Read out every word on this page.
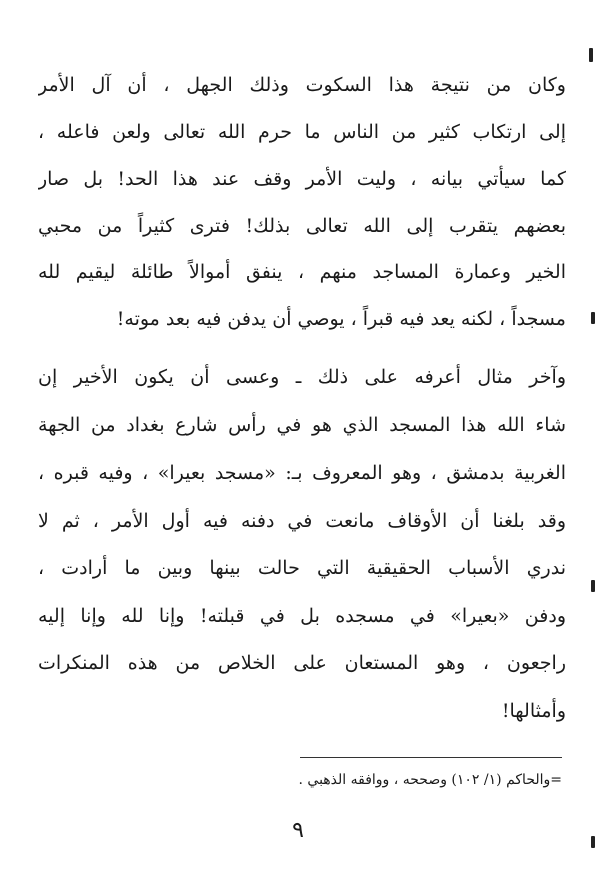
وكان من نتيجة هذا السكوت وذلك الجهل ، أن آل الأمر
إلى ارتكاب كثير من الناس ما حرم الله تعالى ولعن فاعله ،
كما سيأتي بيانه ، وليت الأمر وقف عند هذا الحد! بل صار
بعضهم يتقرب إلى الله تعالى بذلك! فترى كثيراً من محبي
الخير وعمارة المساجد منهم ، ينفق أموالاً طائلة ليقيم لله
مسجداً ، لكنه يعد فيه قبراً ، يوصي أن يدفن فيه بعد موته!
وآخر مثال أعرفه على ذلك ـ وعسى أن يكون الأخير إن
شاء الله هذا المسجد الذي هو في رأس شارع بغداد من الجهة
الغربية بدمشق ، وهو المعروف بـ: «مسجد بعيرا» ، وفيه قبره ،
وقد بلغنا أن الأوقاف مانعت في دفنه فيه أول الأمر ، ثم لا
ندري الأسباب الحقيقية التي حالت بينها وبين ما أرادت ،
ودفن «بعيرا» في مسجده بل في قبلته! وإنا لله وإنا إليه
راجعون ، وهو المستعان على الخلاص من هذه المنكرات
وأمثالها!
=والحاكم (١/ ١٠٢) وصححه ، ووافقه الذهبي .
٩
